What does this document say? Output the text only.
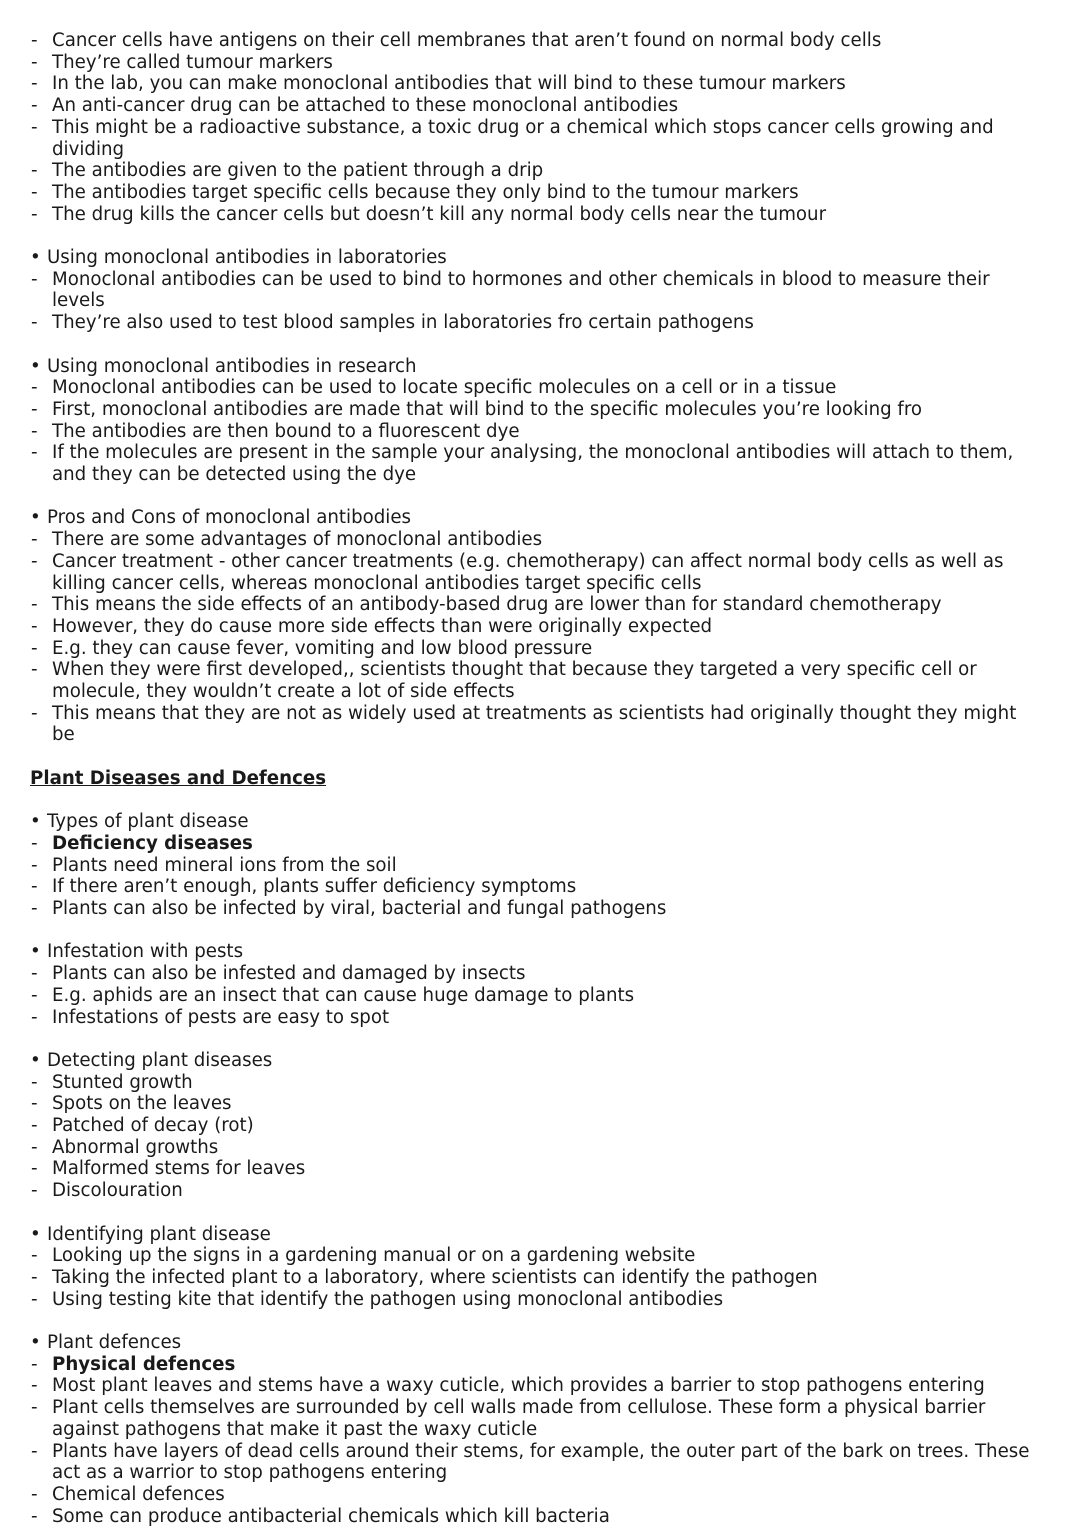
Cancer cells have antigens on their cell membranes that aren’t found on normal body cells
They’re called tumour markers
In the lab, you can make monoclonal antibodies that will bind to these tumour markers
An anti-cancer drug can be attached to these monoclonal antibodies
This might be a radioactive substance, a toxic drug or a chemical which stops cancer cells growing and dividing
The antibodies are given to the patient through a drip
The antibodies target specific cells because they only bind to the tumour markers
The drug kills the cancer cells but doesn’t kill any normal body cells near the tumour
Using monoclonal antibodies in laboratories
Monoclonal antibodies can be used to bind to hormones and other chemicals in blood to measure their levels
They’re also used to test blood samples in laboratories fro certain pathogens
Using monoclonal antibodies in research
Monoclonal antibodies can be used to locate specific molecules on a cell or in a tissue
First, monoclonal antibodies are made that will bind to the specific molecules you’re looking fro
The antibodies are then bound to a fluorescent dye
If the molecules are present in the sample your analysing, the monoclonal antibodies will attach to them, and they can be detected using the dye
Pros and Cons of monoclonal antibodies
There are some advantages of monoclonal antibodies
Cancer treatment - other cancer treatments (e.g. chemotherapy) can affect normal body cells as well as killing cancer cells, whereas monoclonal antibodies target specific cells
This means the side effects of an antibody-based drug are lower than for standard chemotherapy
However, they do cause more side effects than were originally expected
E.g. they can cause fever, vomiting and low blood pressure
When they were first developed,, scientists thought that because they targeted a very specific cell or molecule, they wouldn’t create a lot of side effects
This means that they are not as widely used at treatments as scientists had originally thought they might be
Plant Diseases and Defences
Types of plant disease
Deficiency diseases
Plants need mineral ions from the soil
If there aren’t enough, plants suffer deficiency symptoms
Plants can also be infected by viral, bacterial and fungal pathogens
Infestation with pests
Plants can also be infested and damaged by insects
E.g. aphids are an insect that can cause huge damage to plants
Infestations of pests are easy to spot
Detecting plant diseases
Stunted growth
Spots on the leaves
Patched of decay (rot)
Abnormal growths
Malformed stems for leaves
Discolouration
Identifying plant disease
Looking up the signs in a gardening manual or on a gardening website
Taking the infected plant to a laboratory, where scientists can identify the pathogen
Using testing kite that identify the pathogen using monoclonal antibodies
Plant defences
Physical defences
Most plant leaves and stems have a waxy cuticle, which provides a barrier to stop pathogens entering
Plant cells themselves are surrounded by cell walls made from cellulose. These form a physical barrier against pathogens that make it past the waxy cuticle
Plants have layers of dead cells around their stems, for example, the outer part of the bark on trees. These act as a warrior to stop pathogens entering
Chemical defences
Some can produce antibacterial chemicals which kill bacteria
